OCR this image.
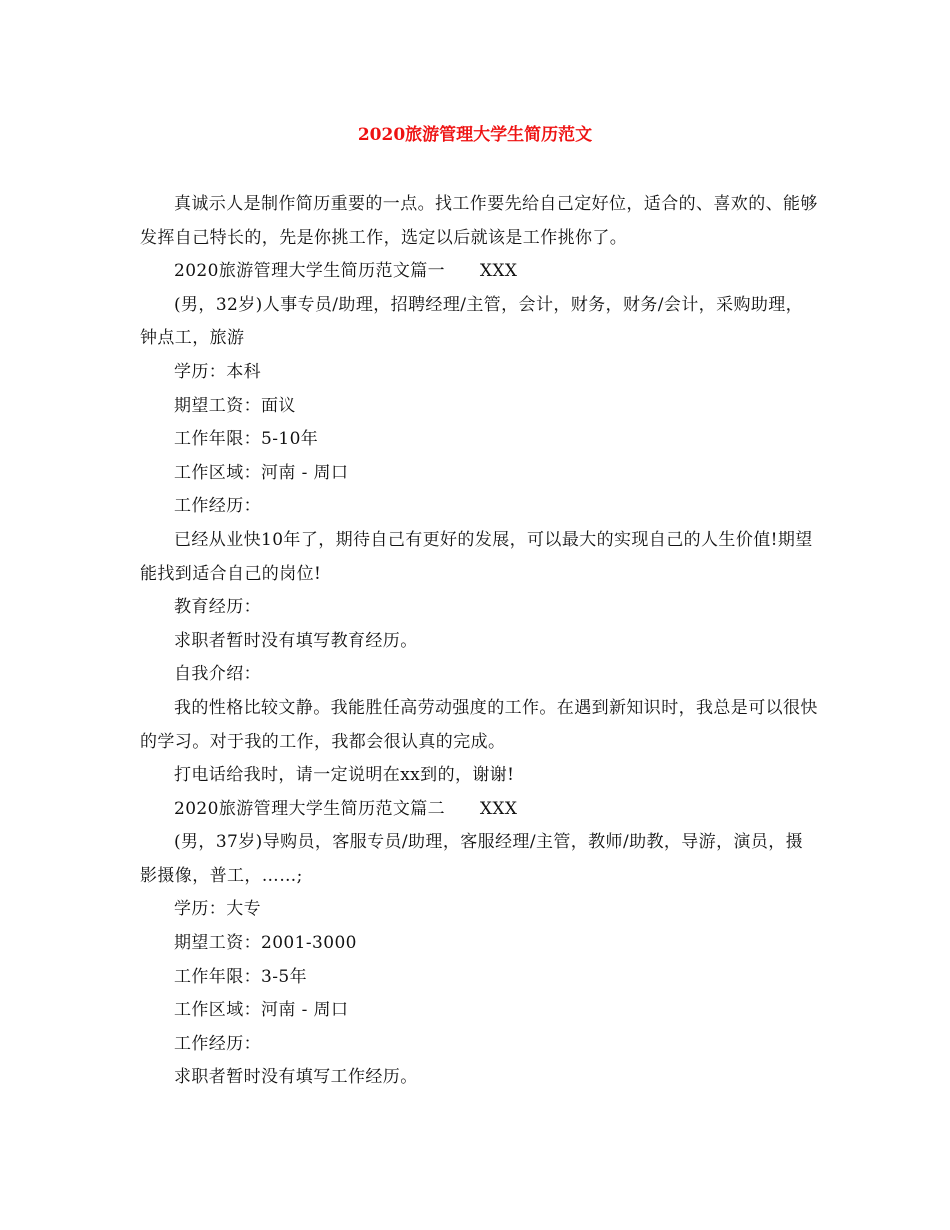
2020旅游管理大学生简历范文

真诚示人是制作简历重要的一点。找工作要先给自己定好位，适合的、喜欢的、能够发挥自己特长的，先是你挑工作，选定以后就该是工作挑你了。

2020旅游管理大学生简历范文篇一　　XXX

(男，32岁)人事专员/助理，招聘经理/主管，会计，财务，财务/会计，采购助理，钟点工，旅游

学历：本科

期望工资：面议

工作年限：5-10年

工作区域：河南 - 周口

工作经历：

已经从业快10年了，期待自己有更好的发展，可以最大的实现自己的人生价值!期望能找到适合自己的岗位!

教育经历：

求职者暂时没有填写教育经历。

自我介绍：

我的性格比较文静。我能胜任高劳动强度的工作。在遇到新知识时，我总是可以很快的学习。对于我的工作，我都会很认真的完成。

打电话给我时，请一定说明在xx到的，谢谢!

2020旅游管理大学生简历范文篇二　　XXX

(男，37岁)导购员，客服专员/助理，客服经理/主管，教师/助教，导游，演员，摄影摄像，普工，……;

学历：大专

期望工资：2001-3000

工作年限：3-5年

工作区域：河南 - 周口

工作经历：

求职者暂时没有填写工作经历。
